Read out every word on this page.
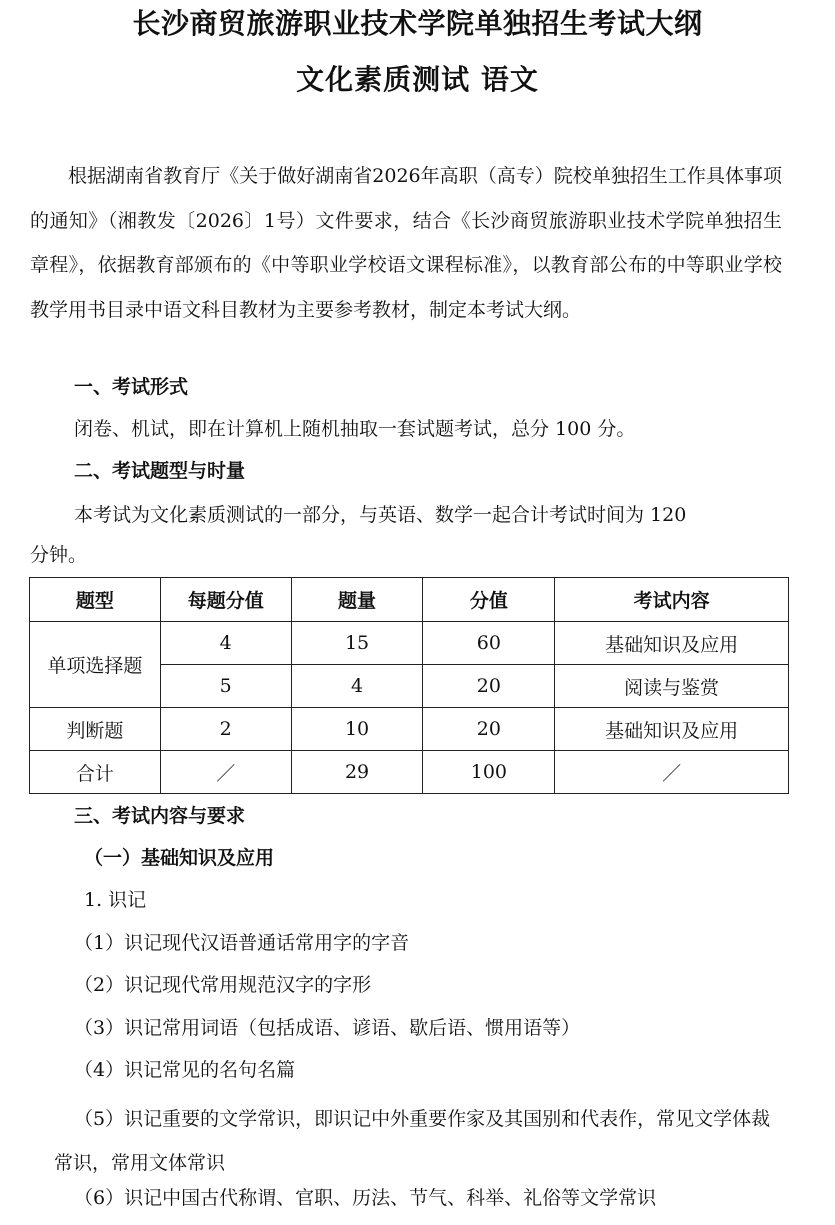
长沙商贸旅游职业技术学院单独招生考试大纲
文化素质测试 语文

根据湖南省教育厅《关于做好湖南省2026年高职（高专）院校单独招生工作具体事项的通知》（湘教发〔2026〕1号）文件要求，结合《长沙商贸旅游职业技术学院单独招生章程》，依据教育部颁布的《中等职业学校语文课程标准》，以教育部公布的中等职业学校教学用书目录中语文科目教材为主要参考教材，制定本考试大纲。

一、考试形式
闭卷、机试，即在计算机上随机抽取一套试题考试，总分 100 分。
二、考试题型与时量
本考试为文化素质测试的一部分，与英语、数学一起合计考试时间为 120
分钟。
题型	每题分值	题量	分值	考试内容
单项选择题	4	15	60	基础知识及应用
	5	4	20	阅读与鉴赏
判断题	2	10	20	基础知识及应用
合计	／	29	100	／
三、考试内容与要求
（一）基础知识及应用
1. 识记
（1）识记现代汉语普通话常用字的字音
（2）识记现代常用规范汉字的字形
（3）识记常用词语（包括成语、谚语、歇后语、惯用语等）
（4）识记常见的名句名篇
（5）识记重要的文学常识，即识记中外重要作家及其国别和代表作，常见文学体裁常识，常用文体常识
（6）识记中国古代称谓、官职、历法、节气、科举、礼俗等文学常识
